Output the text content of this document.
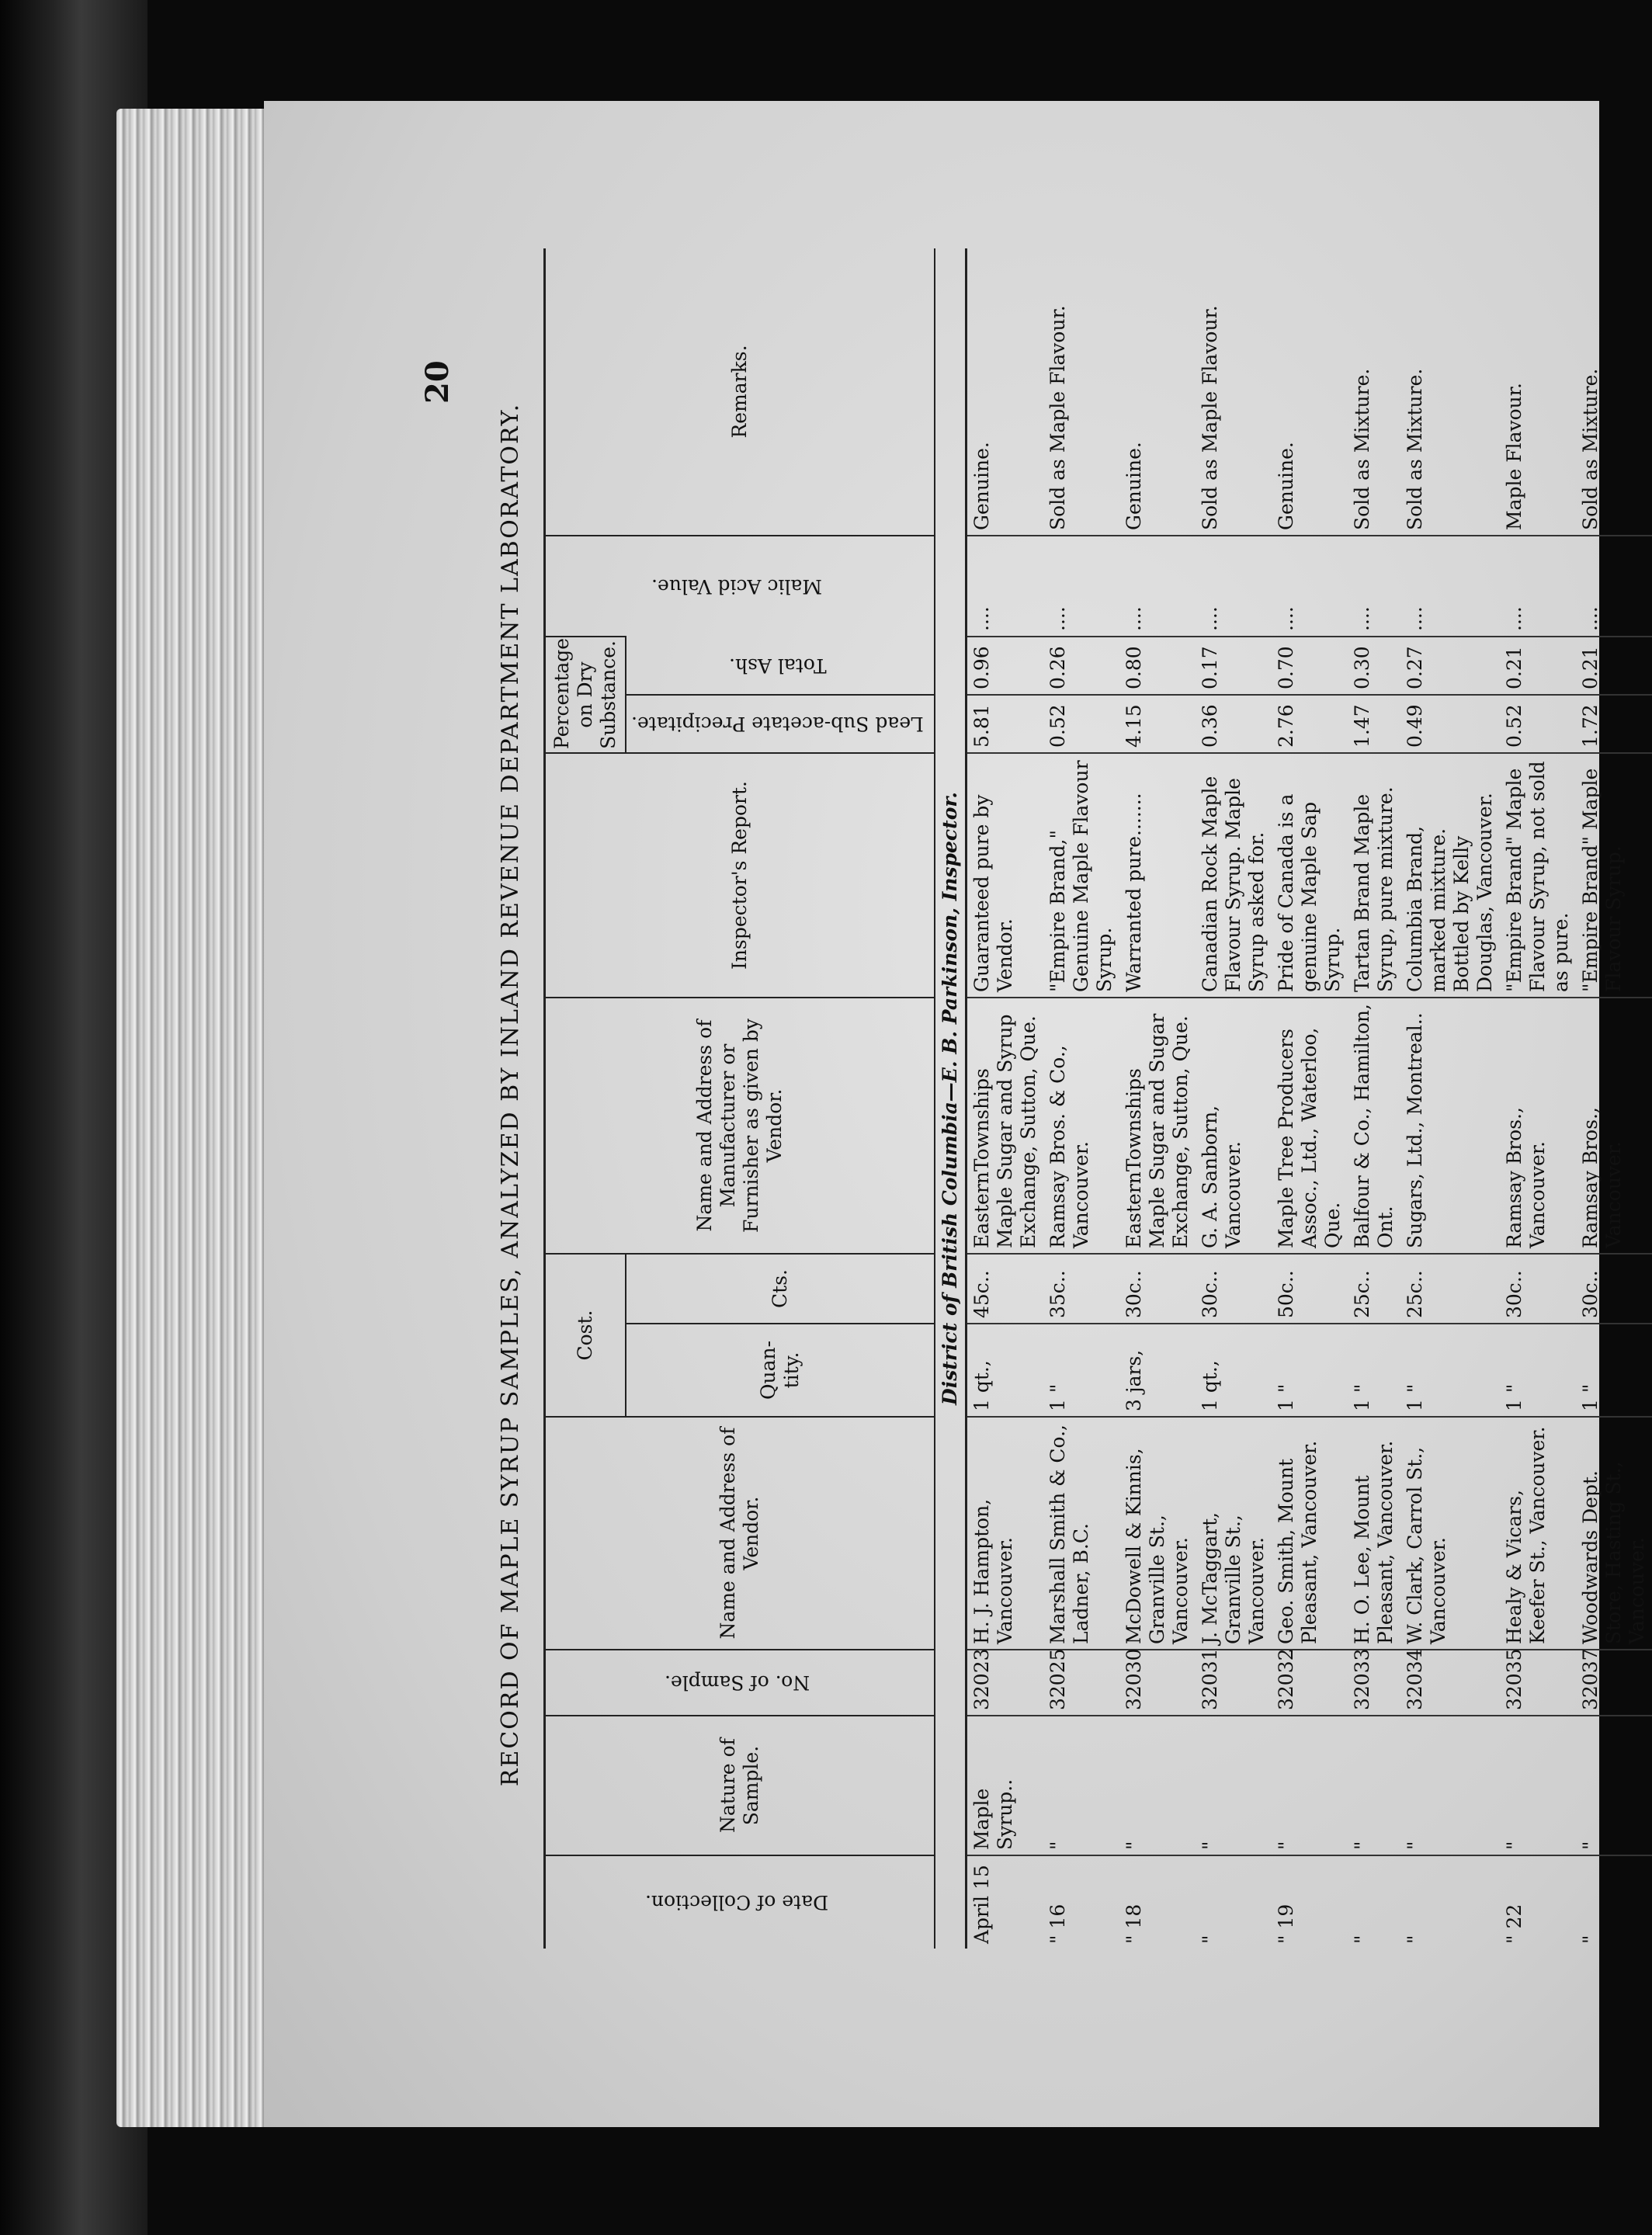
20
RECORD OF MAPLE SYRUP SAMPLES, ANALYZED BY INLAND REVENUE DEPARTMENT LABORATORY.
Date of Collection.	Nature of Sample.	No. of Sample.	Name and Address of Vendor.	Cost.		Name and Address of Manufacturer or Furnisher as given by Vendor.	Inspector's Report.	Percentage on Dry Substance.		Malic Acid Value.	Remarks.
				Quan-tity.	Cts.			Lead Sub-acetate Precipitate.	Total Ash.		
District of British Columbia—E. B. Parkinson, Inspector.											
April 15	Maple Syrup..	32023	H. J. Hampton, Vancouver.	1 qt.,	45c..	EasternTownships Maple Sugar and Syrup Exchange, Sutton, Que.	Guaranteed pure by Vendor.	5.81	0.96	....	Genuine.
" 16	"	32025	Marshall Smith & Co., Ladner, B.C.	1 "	35c..	Ramsay Bros. & Co., Vancouver.	"Empire Brand," Genuine Maple Flavour Syrup.	0.52	0.26	....	Sold as Maple Flavour.
" 18	"	32030	McDowell & Kinnis, Granville St., Vancouver.	3 jars,	30c..	EasternTownships Maple Sugar and Sugar Exchange, Sutton, Que.	Warranted pure.......	4.15	0.80	....	Genuine.
"	"	32031	J. McTaggart, Granville St., Vancouver.	1 qt.,	30c..	G. A. Sanborn, Vancouver.	Canadian Rock Maple Flavour Syrup. Maple Syrup asked for.	0.36	0.17	....	Sold as Maple Flavour.
" 19	"	32032	Geo. Smith, Mount Pleasant, Vancouver.	1 "	50c..	Maple Tree Producers Assoc., Ltd., Waterloo, Que.	Pride of Canada is a genuine Maple Sap Syrup.	2.76	0.70	....	Genuine.
"	"	32033	H. O. Lee, Mount Pleasant, Vancouver.	1 "	25c..	Balfour & Co., Hamilton, Ont.	Tartan Brand Maple Syrup, pure mixture.	1.47	0.30	....	Sold as Mixture.
"	"	32034	W. Clark, Carrol St., Vancouver.	1 "	25c..	Sugars, Ltd., Montreal..	Columbia Brand, marked mixture. Bottled by Kelly Douglas, Vancouver.	0.49	0.27	....	Sold as Mixture.
" 22	"	32035	Healy & Vicars, Keefer St., Vancouver.	1 "	30c..	Ramsay Bros., Vancouver.	"Empire Brand" Maple Flavour Syrup, not sold as pure.	0.52	0.21	....	Maple Flavour.
"	"	32037	Woodwards Dept. Store, Hasting St., Vancouver.	1 "	30c..	Ramsay Bros., Vancouver.	"Empire Brand" Maple Flavour Syrup.	1.72	0.21	....	Sold as Mixture.
